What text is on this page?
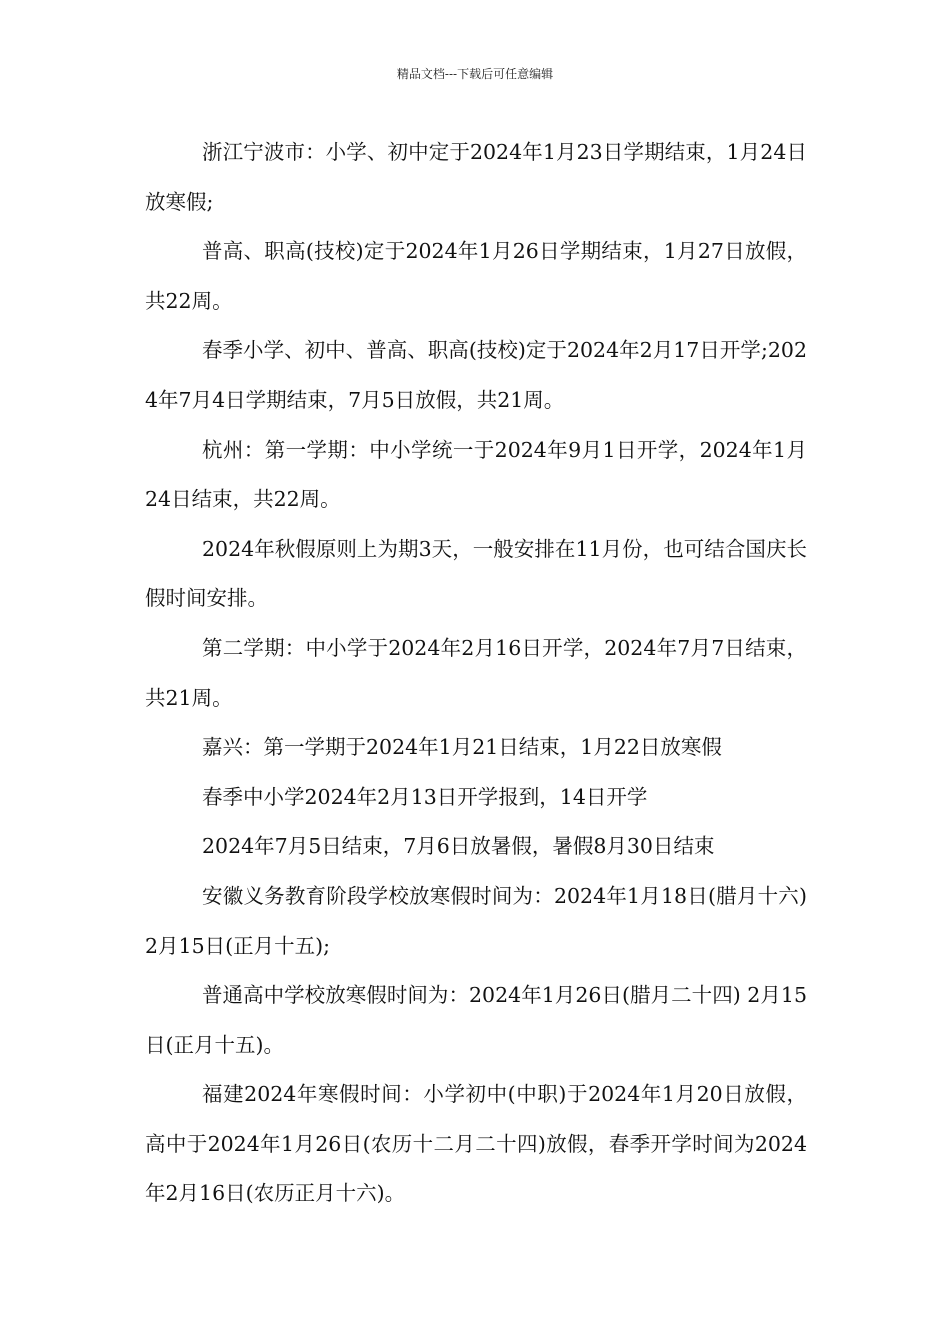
精品文档---下载后可任意编辑

浙江宁波市：小学、初中定于2024年1月23日学期结束，1月24日放寒假;

普高、职高(技校)定于2024年1月26日学期结束，1月27日放假，共22周。

春季小学、初中、普高、职高(技校)定于2024年2月17日开学;2024年7月4日学期结束，7月5日放假，共21周。

杭州：第一学期：中小学统一于2024年9月1日开学，2024年1月24日结束，共22周。

2024年秋假原则上为期3天，一般安排在11月份，也可结合国庆长假时间安排。

第二学期：中小学于2024年2月16日开学，2024年7月7日结束，共21周。

嘉兴：第一学期于2024年1月21日结束，1月22日放寒假

春季中小学2024年2月13日开学报到，14日开学

2024年7月5日结束，7月6日放暑假，暑假8月30日结束

安徽义务教育阶段学校放寒假时间为：2024年1月18日(腊月十六) 2月15日(正月十五);

普通高中学校放寒假时间为：2024年1月26日(腊月二十四) 2月15日(正月十五)。

福建2024年寒假时间：小学初中(中职)于2024年1月20日放假，高中于2024年1月26日(农历十二月二十四)放假，春季开学时间为2024年2月16日(农历正月十六)。
